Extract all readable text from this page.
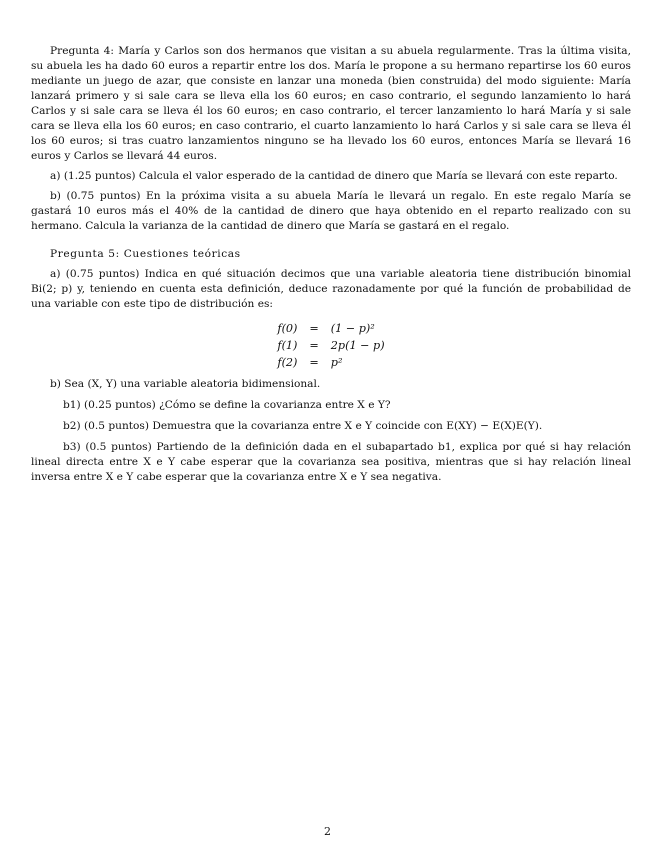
Pregunta 4: María y Carlos son dos hermanos que visitan a su abuela regularmente. Tras la última visita, su abuela les ha dado 60 euros a repartir entre los dos. María le propone a su hermano repartirse los 60 euros mediante un juego de azar, que consiste en lanzar una moneda (bien construida) del modo siguiente: María lanzará primero y si sale cara se lleva ella los 60 euros; en caso contrario, el segundo lanzamiento lo hará Carlos y si sale cara se lleva él los 60 euros; en caso contrario, el tercer lanzamiento lo hará María y si sale cara se lleva ella los 60 euros; en caso contrario, el cuarto lanzamiento lo hará Carlos y si sale cara se lleva él los 60 euros; si tras cuatro lanzamientos ninguno se ha llevado los 60 euros, entonces María se llevará 16 euros y Carlos se llevará 44 euros.

a) (1.25 puntos) Calcula el valor esperado de la cantidad de dinero que María se llevará con este reparto.

b) (0.75 puntos) En la próxima visita a su abuela María le llevará un regalo. En este regalo María se gastará 10 euros más el 40% de la cantidad de dinero que haya obtenido en el reparto realizado con su hermano. Calcula la varianza de la cantidad de dinero que María se gastará en el regalo.

Pregunta 5: Cuestiones teóricas

a) (0.75 puntos) Indica en qué situación decimos que una variable aleatoria tiene distribución binomial Bi(2; p) y, teniendo en cuenta esta definición, deduce razonadamente por qué la función de probabilidad de una variable con este tipo de distribución es:

f(0)	=	(1 − p)²
f(1)	=	2p(1 − p)
f(2)	=	p²

b) Sea (X, Y) una variable aleatoria bidimensional.

b1) (0.25 puntos) ¿Cómo se define la covarianza entre X e Y?

b2) (0.5 puntos) Demuestra que la covarianza entre X e Y coincide con E(XY) − E(X)E(Y).

b3) (0.5 puntos) Partiendo de la definición dada en el subapartado b1, explica por qué si hay relación lineal directa entre X e Y cabe esperar que la covarianza sea positiva, mientras que si hay relación lineal inversa entre X e Y cabe esperar que la covarianza entre X e Y sea negativa.

2
